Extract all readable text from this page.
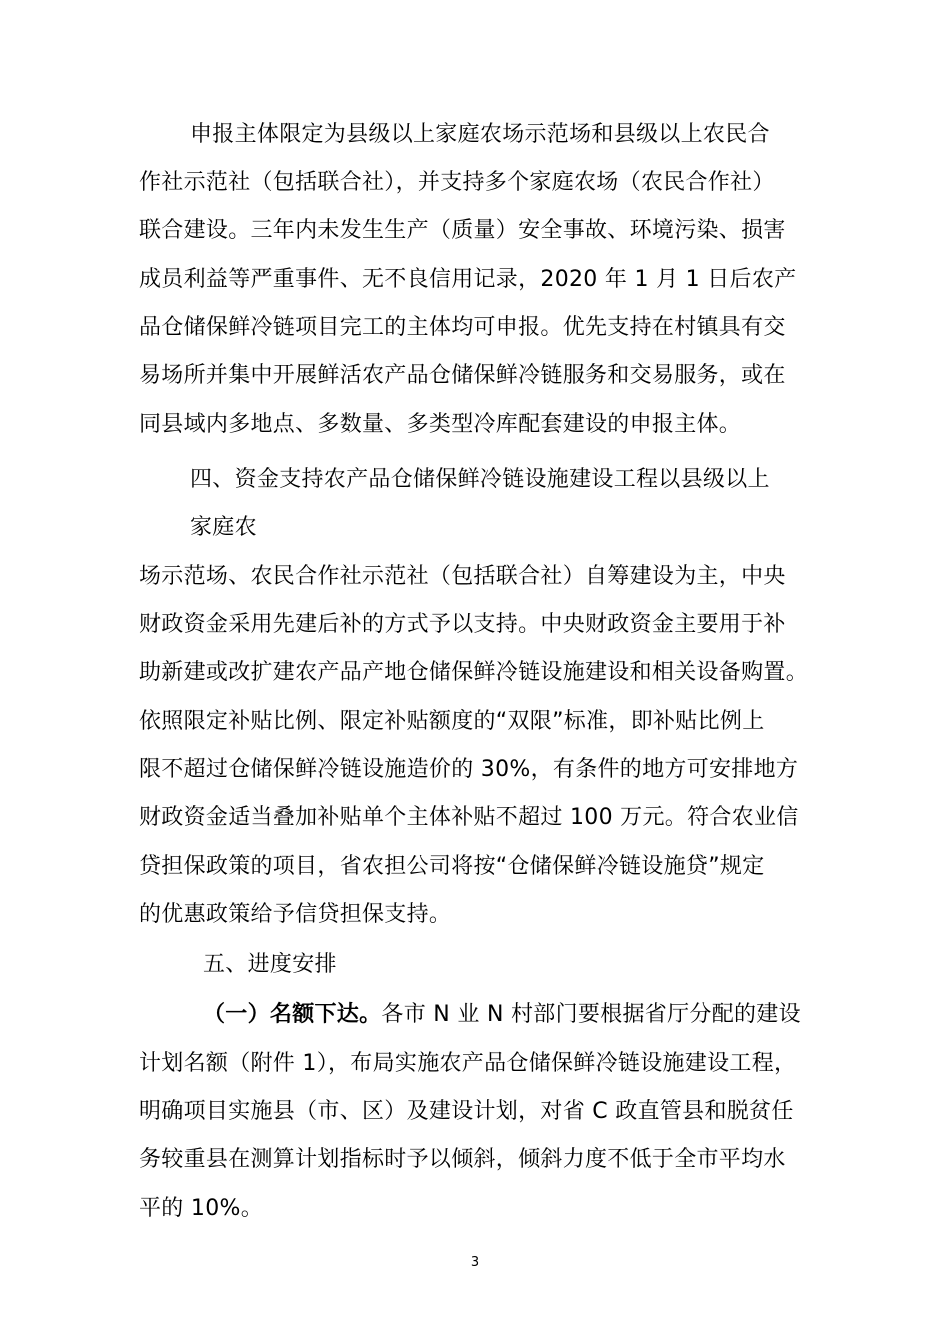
申报主体限定为县级以上家庭农场示范场和县级以上农民合
作社示范社（包括联合社），并支持多个家庭农场（农民合作社）
联合建设。三年内未发生生产（质量）安全事故、环境污染、损害
成员利益等严重事件、无不良信用记录，2020 年 1 月 1 日后农产
品仓储保鲜冷链项目完工的主体均可申报。优先支持在村镇具有交
易场所并集中开展鲜活农产品仓储保鲜冷链服务和交易服务，或在
同县域内多地点、多数量、多类型冷库配套建设的申报主体。
四、资金支持农产品仓储保鲜冷链设施建设工程以县级以上
家庭农
场示范场、农民合作社示范社（包括联合社）自筹建设为主，中央
财政资金采用先建后补的方式予以支持。中央财政资金主要用于补
助新建或改扩建农产品产地仓储保鲜冷链设施建设和相关设备购置。
依照限定补贴比例、限定补贴额度的“双限”标准，即补贴比例上
限不超过仓储保鲜冷链设施造价的 30%，有条件的地方可安排地方
财政资金适当叠加补贴单个主体补贴不超过 100 万元。符合农业信
贷担保政策的项目，省农担公司将按“仓储保鲜冷链设施贷”规定
的优惠政策给予信贷担保支持。
五、进度安排
（一）名额下达。各市 N 业 N 村部门要根据省厅分配的建设
计划名额（附件 1），布局实施农产品仓储保鲜冷链设施建设工程，
明确项目实施县（市、区）及建设计划，对省 C 政直管县和脱贫任
务较重县在测算计划指标时予以倾斜，倾斜力度不低于全市平均水
平的 10%。
3
